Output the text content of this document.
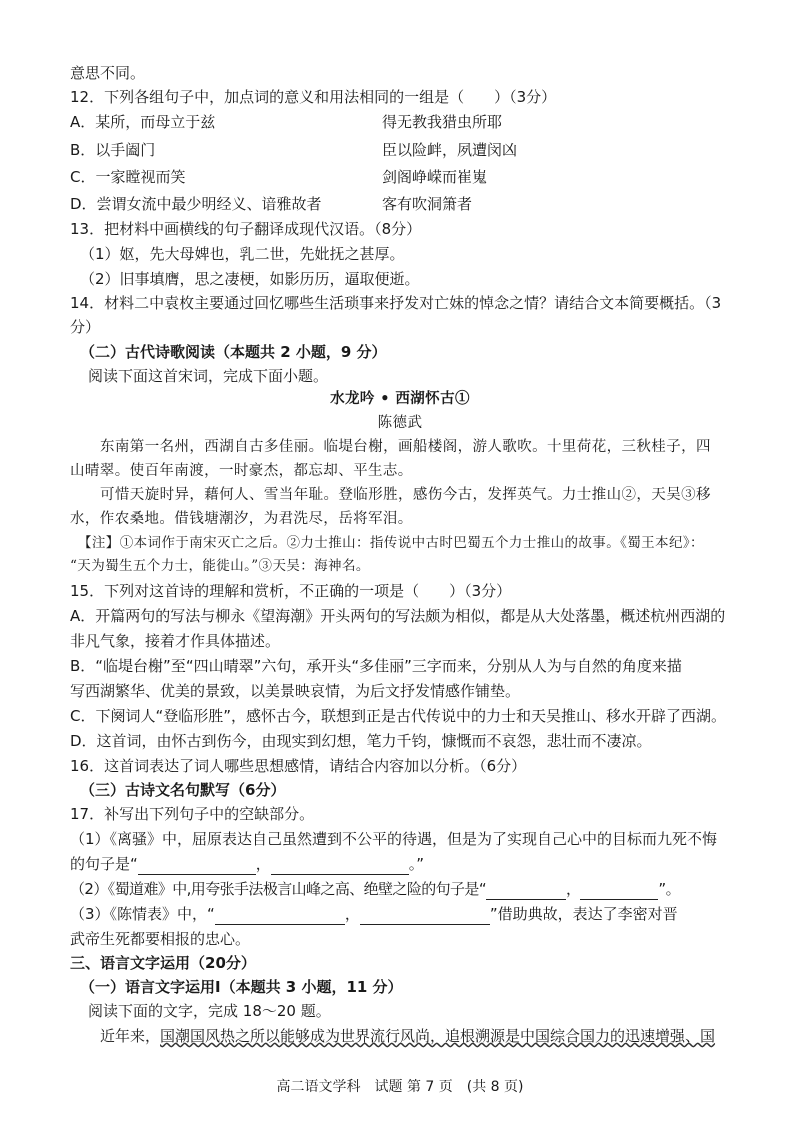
意思不同。
12．下列各组句子中，加点词的意义和用法相同的一组是（　　）（3分）
A．某所，而母立于兹	得无教我猎虫所耶
B．以手阖门	臣以险衅，夙遭闵凶
C．一家瞠视而笑	剑阁峥嵘而崔嵬
D．尝谓女流中最少明经义、谙雅故者	客有吹洞箫者
13．把材料中画横线的句子翻译成现代汉语。（8分）
（1）妪，先大母婢也，乳二世，先妣抚之甚厚。
（2）旧事填膺，思之凄梗，如影历历，逼取便逝。
14．材料二中袁枚主要通过回忆哪些生活琐事来抒发对亡妹的悼念之情？请结合文本简要概括。（3
分）
（二）古代诗歌阅读（本题共 2 小题，9 分）
阅读下面这首宋词，完成下面小题。
水龙吟 • 西湖怀古①
陈德武
东南第一名州，西湖自古多佳丽。临堤台榭，画船楼阁，游人歌吹。十里荷花，三秋桂子，四
山晴翠。使百年南渡，一时豪杰，都忘却、平生志。
可惜天旋时异，藉何人、雪当年耻。登临形胜，感伤今古，发挥英气。力士推山②，天吴③移
水，作农桑地。借钱塘潮汐，为君洗尽，岳将军泪。
【注】①本词作于南宋灭亡之后。②力士推山：指传说中古时巴蜀五个力士推山的故事。《蜀王本纪》：
“天为蜀生五个力士，能徙山。”③天吴：海神名。
15．下列对这首诗的理解和赏析，不正确的一项是（　　）（3分）
A．开篇两句的写法与柳永《望海潮》开头两句的写法颇为相似，都是从大处落墨，概述杭州西湖的
非凡气象，接着才作具体描述。
B．“临堤台榭”至“四山晴翠”六句，承开头“多佳丽”三字而来，分别从人为与自然的角度来描
写西湖繁华、优美的景致，以美景映哀情，为后文抒发情感作铺垫。
C．下阕词人“登临形胜”，感怀古今，联想到正是古代传说中的力士和天吴推山、移水开辟了西湖。
D．这首词，由怀古到伤今，由现实到幻想，笔力千钧，慷慨而不哀怨，悲壮而不凄凉。
16．这首词表达了词人哪些思想感情，请结合内容加以分析。（6分）
（三）古诗文名句默写（6分）
17．补写出下列句子中的空缺部分。
（1）《离骚》中，屈原表达自己虽然遭到不公平的待遇，但是为了实现自己心中的目标而九死不悔
的句子是“	，	。”
（2）《蜀道难》中,用夸张手法极言山峰之高、绝壁之险的句子是“	，	”。
（3）《陈情表》中，“	，	”借助典故，表达了李密对晋
武帝生死都要相报的忠心。
三、语言文字运用（20分）
（一）语言文字运用Ⅰ（本题共 3 小题，11 分）
阅读下面的文字，完成 18～20 题。
近年来，国潮国风热之所以能够成为世界流行风尚，追根溯源是中国综合国力的迅速增强、国
高二语文学科　试题 第 7 页　(共 8 页)
